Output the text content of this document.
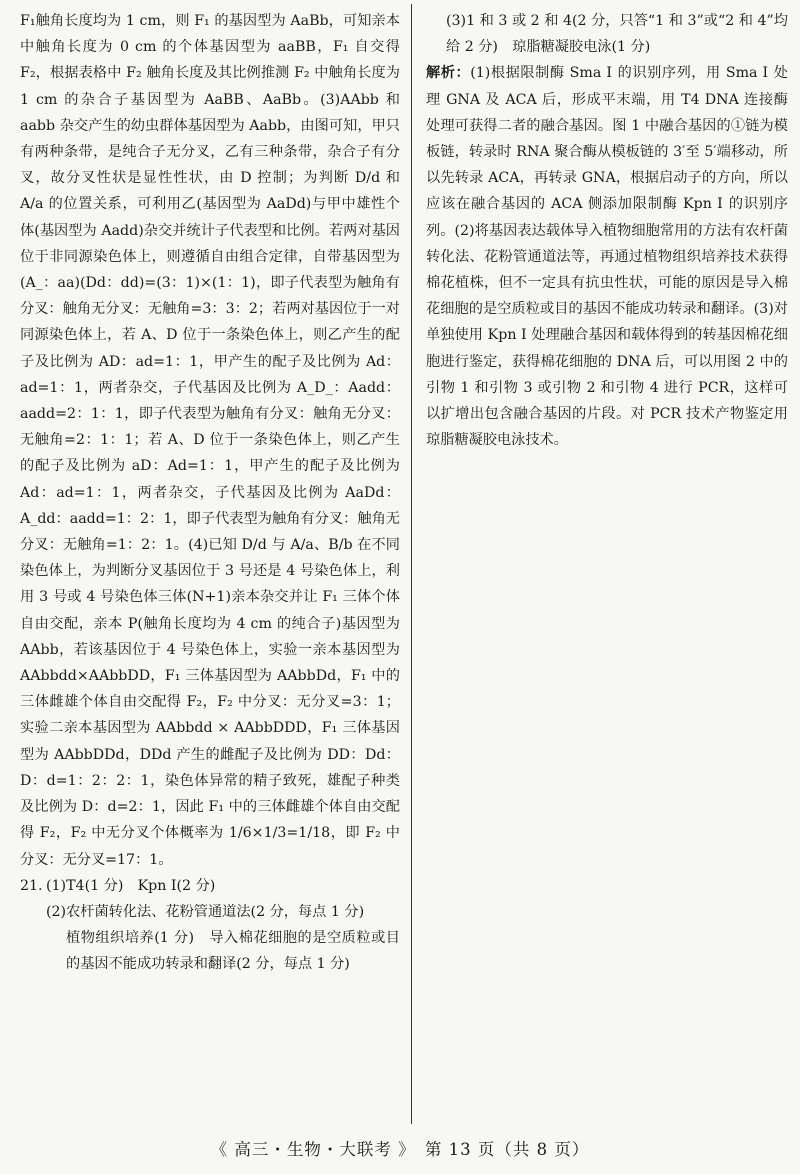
F₁触角长度均为 1 cm，则 F₁ 的基因型为 AaBb，可知亲本中触角长度为 0 cm 的个体基因型为 aaBB，F₁ 自交得 F₂，根据表格中 F₂ 触角长度及其比例推测 F₂ 中触角长度为 1 cm 的杂合子基因型为 AaBB、AaBb。(3)AAbb 和 aabb 杂交产生的幼虫群体基因型为 Aabb，由图可知，甲只有两种条带，是纯合子无分叉，乙有三种条带，杂合子有分叉，故分叉性状是显性性状，由 D 控制；为判断 D/d 和 A/a 的位置关系，可利用乙(基因型为 AaDd)与甲中雄性个体(基因型为 Aadd)杂交并统计子代表型和比例。若两对基因位于非同源染色体上，则遵循自由组合定律，自带基因型为(A_：aa)(Dd：dd)=(3：1)×(1：1)，即子代表型为触角有分叉：触角无分叉：无触角=3：3：2；若两对基因位于一对同源染色体上，若 A、D 位于一条染色体上，则乙产生的配子及比例为 AD：ad=1：1，甲产生的配子及比例为 Ad：ad=1：1，两者杂交，子代基因及比例为 A_D_：Aadd：aadd=2：1：1，即子代表型为触角有分叉：触角无分叉：无触角=2：1：1；若 A、D 位于一条染色体上，则乙产生的配子及比例为 aD：Ad=1：1，甲产生的配子及比例为 Ad：ad=1：1，两者杂交，子代基因及比例为 AaDd：A_dd：aadd=1：2：1，即子代表型为触角有分叉：触角无分叉：无触角=1：2：1。(4)已知 D/d 与 A/a、B/b 在不同染色体上，为判断分叉基因位于 3 号还是 4 号染色体上，利用 3 号或 4 号染色体三体(N+1)亲本杂交并让 F₁ 三体个体自由交配，亲本 P(触角长度均为 4 cm 的纯合子)基因型为 AAbb，若该基因位于 4 号染色体上，实验一亲本基因型为 AAbbdd×AAbbDD，F₁ 三体基因型为 AAbbDd，F₁ 中的三体雌雄个体自由交配得 F₂，F₂ 中分叉：无分叉=3：1；实验二亲本基因型为 AAbbdd × AAbbDDD，F₁ 三体基因型为 AAbbDDd，DDd 产生的雌配子及比例为 DD：Dd：D：d=1：2：2：1，染色体异常的精子致死，雄配子种类及比例为 D：d=2：1，因此 F₁ 中的三体雌雄个体自由交配得 F₂，F₂ 中无分叉个体概率为 1/6×1/3=1/18，即 F₂ 中分叉：无分叉=17：1。

21. (1)T4(1 分)　Kpn Ⅰ(2 分)

(2)农杆菌转化法、花粉管通道法(2 分，每点 1 分)

植物组织培养(1 分)　导入棉花细胞的是空质粒或目的基因不能成功转录和翻译(2 分，每点 1 分)

(3)1 和 3 或 2 和 4(2 分，只答“1 和 3”或“2 和 4”均给 2 分)　琼脂糖凝胶电泳(1 分)

解析：(1)根据限制酶 Sma Ⅰ 的识别序列，用 Sma Ⅰ 处理 GNA 及 ACA 后，形成平末端，用 T4 DNA 连接酶处理可获得二者的融合基因。图 1 中融合基因的①链为模板链，转录时 RNA 聚合酶从模板链的 3′至 5′端移动，所以先转录 ACA，再转录 GNA，根据启动子的方向，所以应该在融合基因的 ACA 侧添加限制酶 Kpn Ⅰ 的识别序列。(2)将基因表达载体导入植物细胞常用的方法有农杆菌转化法、花粉管通道法等，再通过植物组织培养技术获得棉花植株，但不一定具有抗虫性状，可能的原因是导入棉花细胞的是空质粒或目的基因不能成功转录和翻译。(3)对单独使用 Kpn Ⅰ 处理融合基因和载体得到的转基因棉花细胞进行鉴定，获得棉花细胞的 DNA 后，可以用图 2 中的引物 1 和引物 3 或引物 2 和引物 4 进行 PCR，这样可以扩增出包含融合基因的片段。对 PCR 技术产物鉴定用琼脂糖凝胶电泳技术。

《 高三・生物・大联考 》　第 13 页（共 8 页）
